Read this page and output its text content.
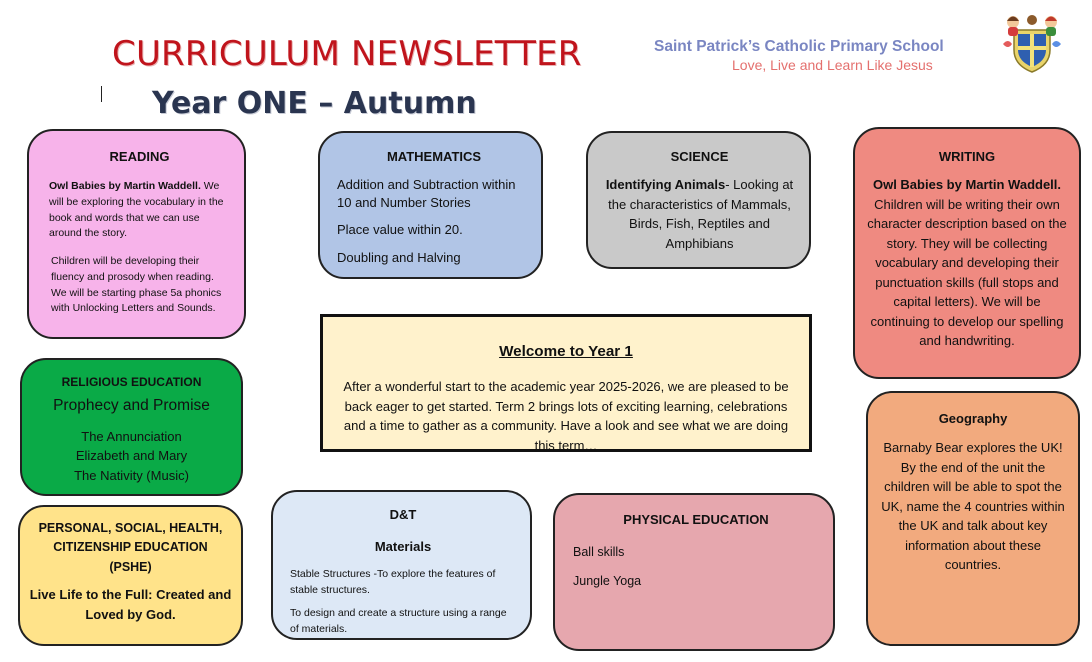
CURRICULUM NEWSLETTER
Year ONE – Autumn
Saint Patrick’s Catholic Primary School
Love, Live and Learn Like Jesus
READING

Owl Babies by Martin Waddell. We will be exploring the vocabulary in the book and words that we can use around the story.

Children will be developing their fluency and prosody when reading. We will be starting phase 5a phonics with Unlocking Letters and Sounds.

MATHEMATICS

Addition and Subtraction within 10 and Number Stories

Place value within 20.

Doubling and Halving

SCIENCE

Identifying Animals- Looking at the characteristics of Mammals, Birds, Fish, Reptiles and Amphibians

WRITING

Owl Babies by Martin Waddell. Children will be writing their own character description based on the story. They will be collecting vocabulary and developing their punctuation skills (full stops and capital letters). We will be continuing to develop our spelling and handwriting.

Welcome to Year 1

After a wonderful start to the academic year 2025-2026, we are pleased to be back eager to get started. Term 2 brings lots of exciting learning, celebrations and a time to gather as a community. Have a look and see what we are doing this term…

RELIGIOUS EDUCATION
Prophecy and Promise

The Annunciation

Elizabeth and Mary

The Nativity (Music)

PERSONAL, SOCIAL, HEALTH,
CITIZENSHIP EDUCATION
(PSHE)

Live Life to the Full: Created and Loved by God.

D&T
Materials

Stable Structures -To explore the features of stable structures.

To design and create a structure using a range of materials.

PHYSICAL EDUCATION

Ball skills

Jungle Yoga

Geography

Barnaby Bear explores the UK!

By the end of the unit the children will be able to spot the UK, name the 4 countries within the UK and talk about key information about these countries.
